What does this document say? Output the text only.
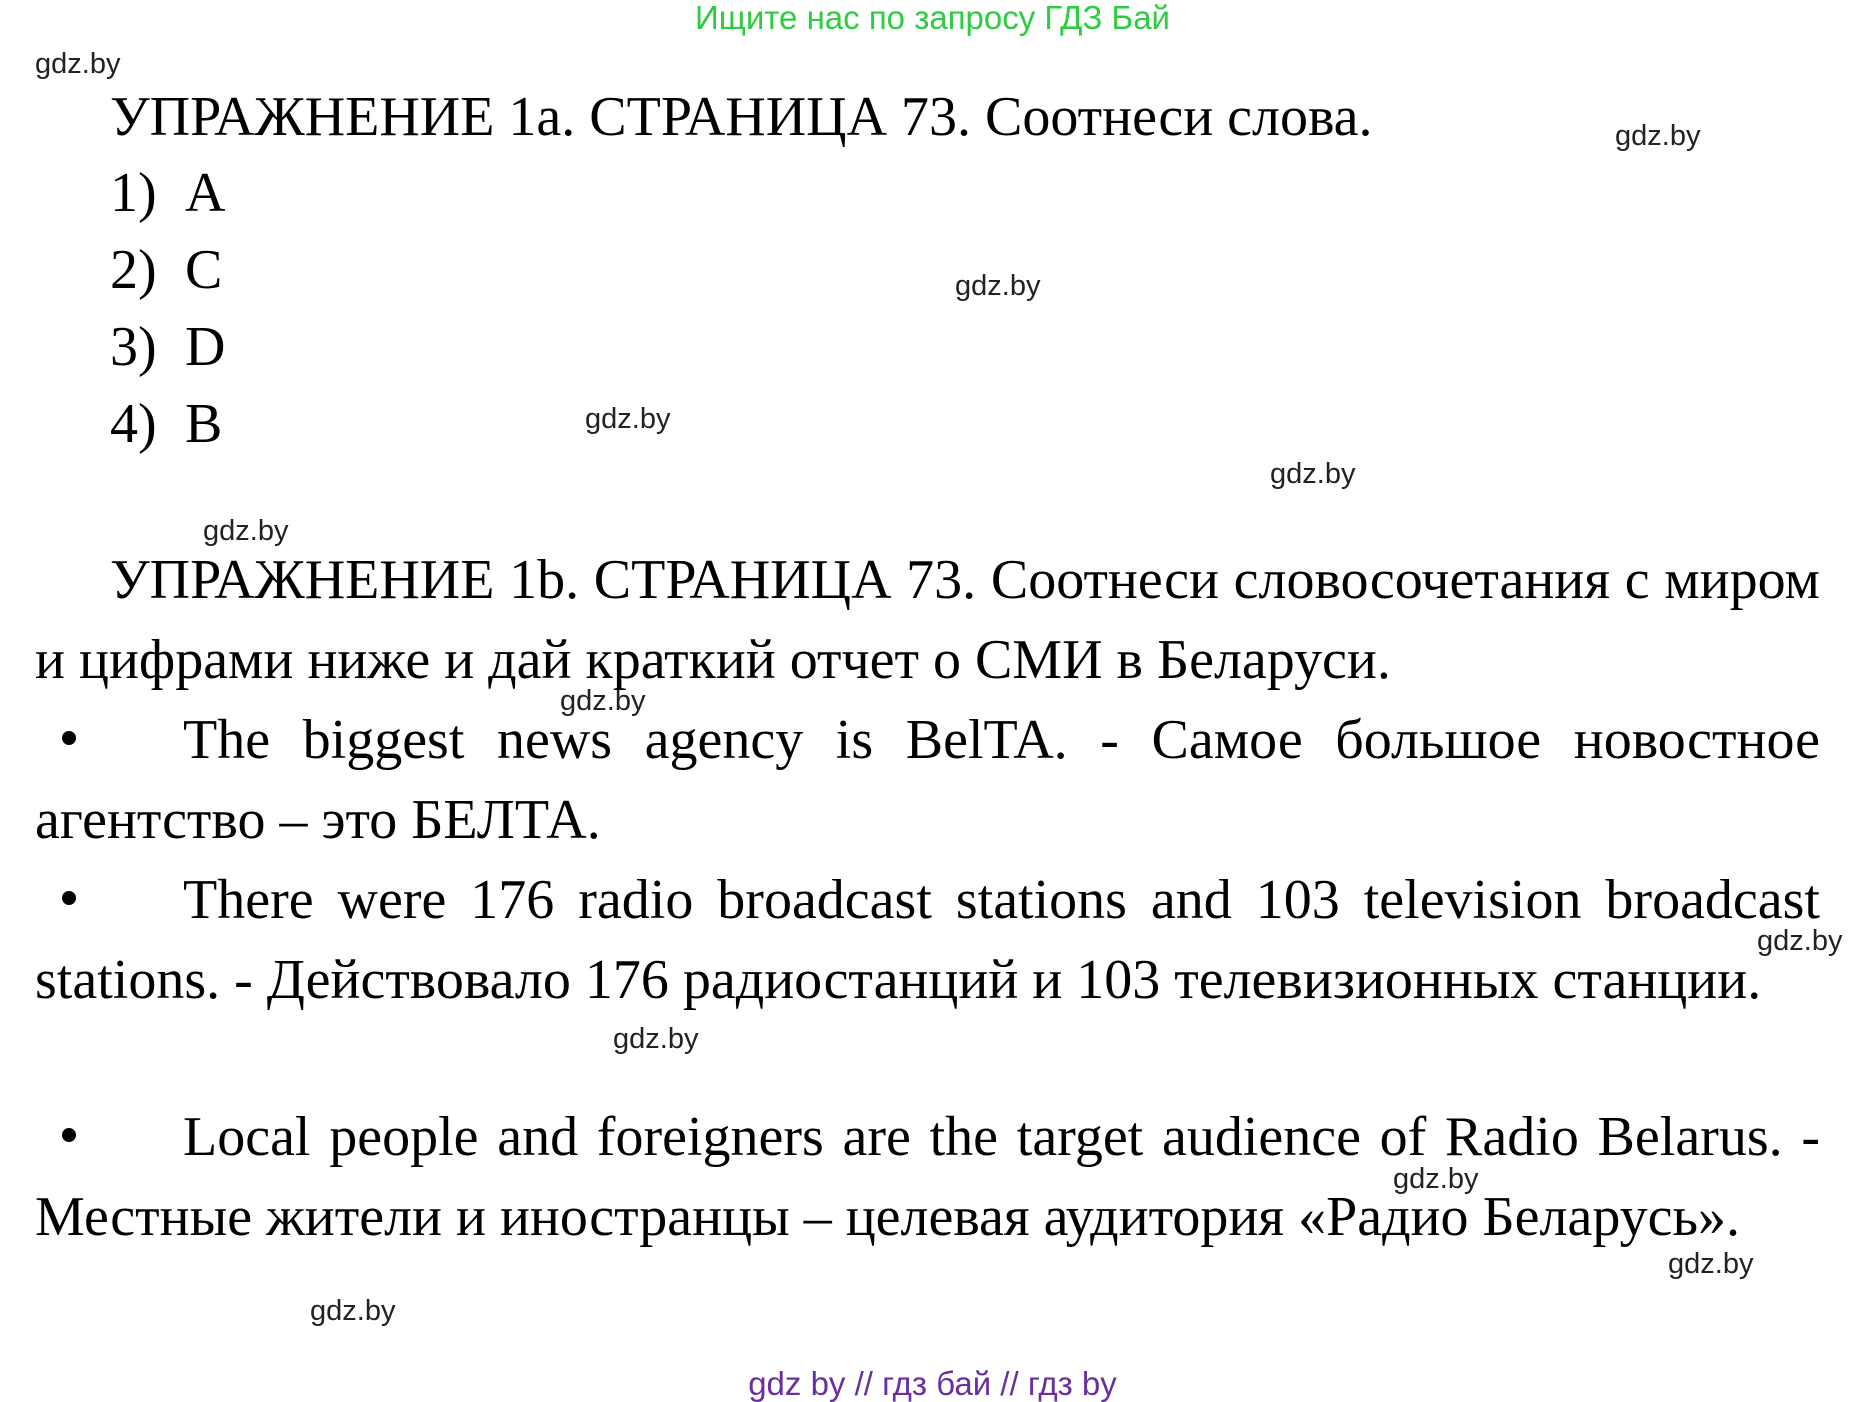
Ищите нас по запросу ГДЗ Бай
gdz.by
gdz.by
gdz.by
gdz.by
gdz.by
gdz.by
gdz.by
gdz.by
gdz.by
gdz.by
gdz.by
gdz.by
УПРАЖНЕНИЕ 1a. СТРАНИЦА 73. Соотнеси слова.
1) A
2) C
3) D
4) B
УПРАЖНЕНИЕ 1b. СТРАНИЦА 73. Соотнеси словосочетания с миром и цифрами ниже и дай краткий отчет о СМИ в Беларуси.
The biggest news agency is BelTA. - Самое большое новостное агентство – это БЕЛТА.
There were 176 radio broadcast stations and 103 television broadcast stations. - Действовало 176 радиостанций и 103 телевизионных станции.
Local people and foreigners are the target audience of Radio Belarus. - Местные жители и иностранцы – целевая аудитория «Радио Беларусь».
gdz by // гдз бай // гдз by
